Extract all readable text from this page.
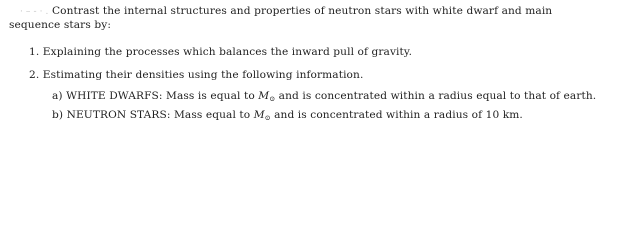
· – - · . Contrast the internal structures and properties of neutron stars with white dwarf and main
sequence stars by:
1. Explaining the processes which balances the inward pull of gravity.
2. Estimating their densities using the following information.
a) WHITE DWARFS: Mass is equal to $M_⊙$ and is concentrated within a radius equal to that of earth.
b) NEUTRON STARS: Mass equal to $M_⊙$ and is concentrated within a radius of 10 km.
